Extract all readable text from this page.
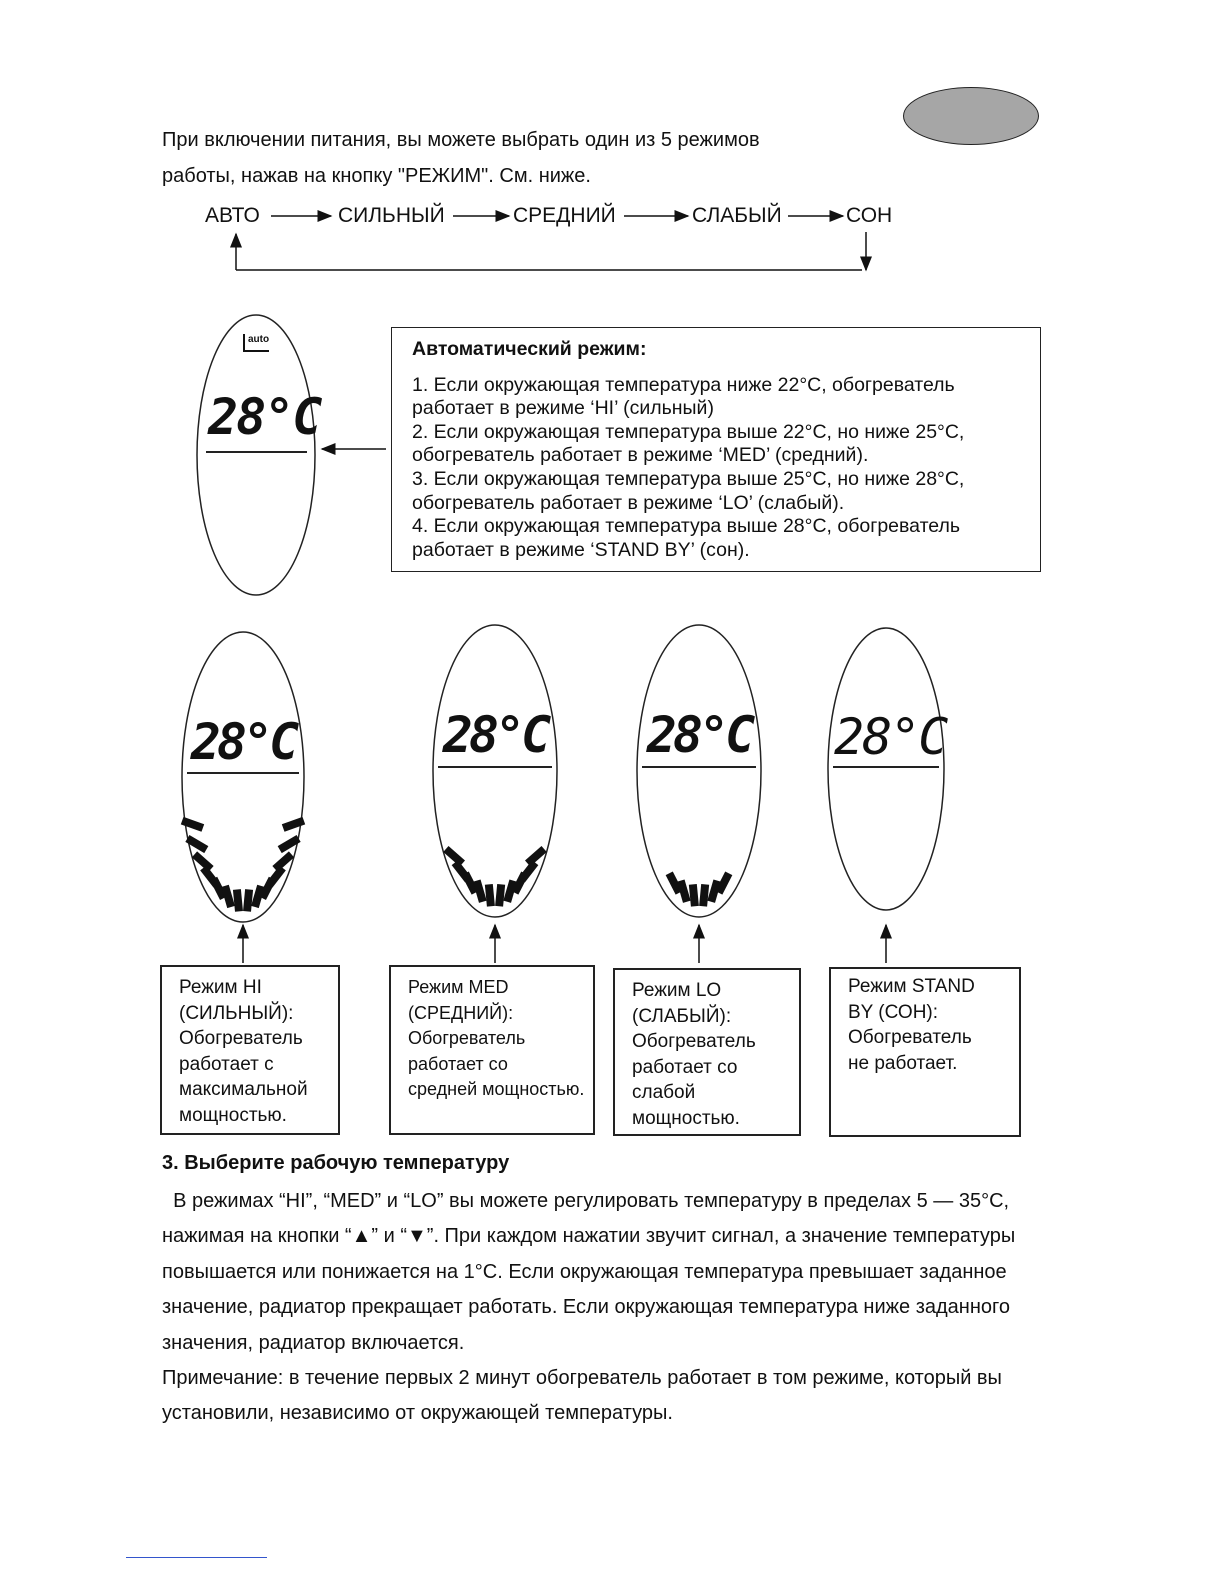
При включении питания, вы можете выбрать один из 5 режимов

работы, нажав на кнопку "РЕЖИМ". См. ниже.

АВТО	СИЛЬНЫЙ	СРЕДНИЙ	СЛАБЫЙ	СОН
auto
28°C
Автоматический режим:

1. Если окружающая температура ниже 22°C, обогреватель

работает в режиме ‘HI’ (сильный)

2. Если окружающая температура выше 22°C, но ниже 25°C,

обогреватель работает в режиме ‘MED’ (средний).

3. Если окружающая температура выше 25°C, но ниже 28°C,

обогреватель работает в режиме ‘LO’ (слабый).

4. Если окружающая температура выше 28°C, обогреватель

работает в режиме ‘STAND BY’ (сон).

28°C	28°C 28°C 28°C

Режим HI

(СИЛЬНЫЙ):

Обогреватель

работает с

максимальной

мощностью.

Режим MED

(СРЕДНИЙ):

Обогреватель

работает со

средней мощностью.

Режим LO

(СЛАБЫЙ):

Обогреватель

работает со

слабой

мощностью.

Режим STAND

BY (СОН):

Обогреватель

не работает.

3. Выберите рабочую температуру

В режимах “HI”, “MED” и “LO” вы можете регулировать температуру в пределах 5 — 35°C,

нажимая на кнопки “▲” и “▼”. При каждом нажатии звучит сигнал, а значение температуры

повышается или понижается на 1°C. Если окружающая температура превышает заданное

значение, радиатор прекращает работать. Если окружающая температура ниже заданного

значения, радиатор включается.

Примечание: в течение первых 2 минут обогреватель работает в том режиме, который вы

установили, независимо от окружающей температуры.
